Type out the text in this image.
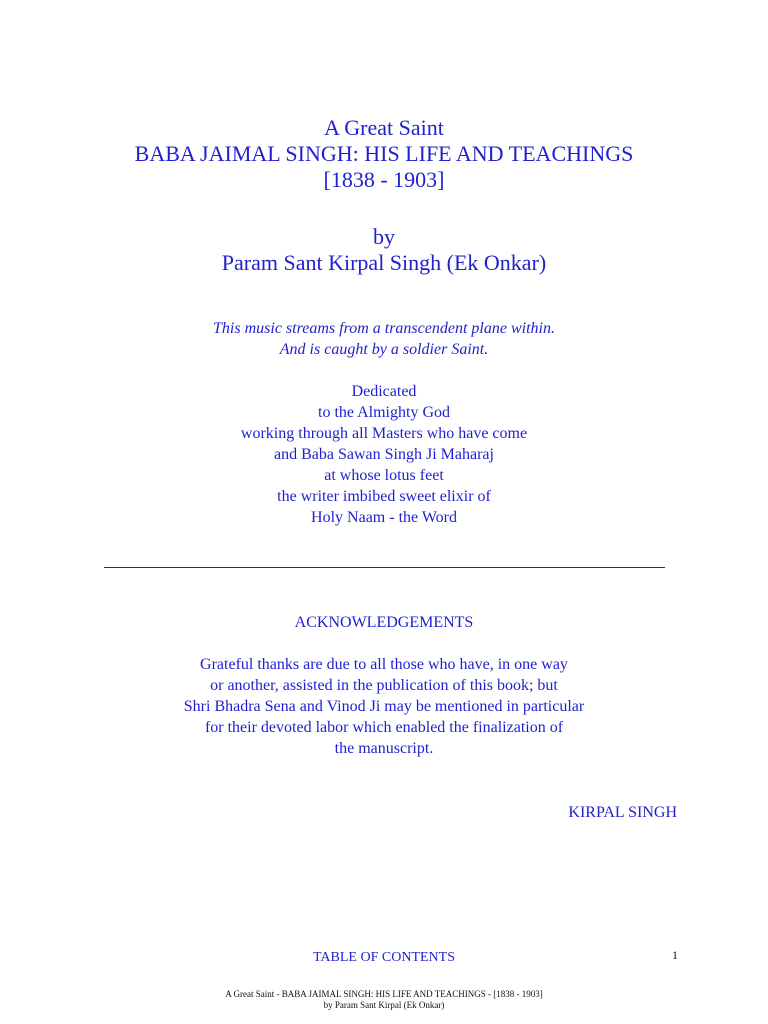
A Great Saint
BABA JAIMAL SINGH: HIS LIFE AND TEACHINGS
[1838 - 1903]
by
Param Sant Kirpal Singh (Ek Onkar)
This music streams from a transcendent plane within.
And is caught by a soldier Saint.
Dedicated
to the Almighty God
working through all Masters who have come
and Baba Sawan Singh Ji Maharaj
at whose lotus feet
the writer imbibed sweet elixir of
Holy Naam - the Word
ACKNOWLEDGEMENTS
Grateful thanks are due to all those who have, in one way
or another, assisted in the publication of this book; but
Shri Bhadra Sena and Vinod Ji may be mentioned in particular
for their devoted labor which enabled the finalization of
the manuscript.
KIRPAL SINGH
TABLE OF CONTENTS	1
A Great Saint - BABA JAIMAL SINGH: HIS LIFE AND TEACHINGS - [1838 - 1903]
by Param Sant Kirpal (Ek Onkar)
